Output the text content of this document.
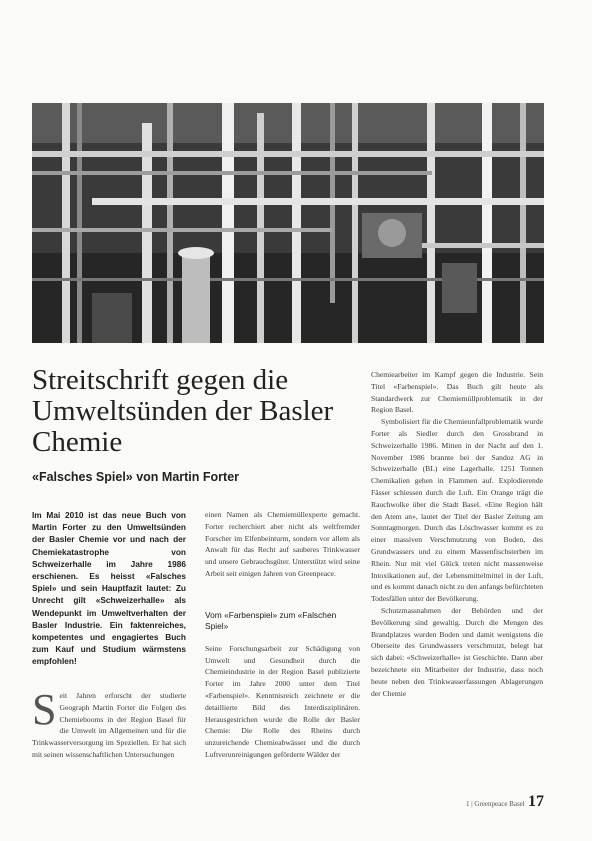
Streitschrift gegen die Umweltsünden der Basler Chemie
«Falsches Spiel» von Martin Forter

Im Mai 2010 ist das neue Buch von Martin Forter zu den Umweltsünden der Basler Chemie vor und nach der Chemiekatastrophe von Schweizerhalle im Jahre 1986 erschienen. Es heisst «Falsches Spiel» und sein Hauptfazit lautet: Zu Unrecht gilt «Schweizerhalle» als Wendepunkt im Umweltverhalten der Basler Industrie. Ein faktenreiches, kompetentes und engagiertes Buch zum Kauf und Studium wärmstens empfohlen!

S eit Jahren erforscht der studierte Geograph Martin Forter die Folgen des Chemiebooms in der Region Basel für die Umwelt im Allgemeinen und für die Trinkwasserversorgung im Speziellen. Er hat sich mit seinen wissenschaftlichen Untersuchungen

einen Namen als Chemiemüllexperte gemacht. Forter recherchiert aber nicht als weltfremder Forscher im Elfenbeinturm, sondern vor allem als Anwalt für das Recht auf sauberes Trinkwasser und unsere Gebrauchsgüter. Unterstützt wird seine Arbeit seit einigen Jahren von Greenpeace.

Vom «Farbenspiel» zum «Falschen Spiel»

Seine Forschungsarbeit zur Schädigung von Umwelt und Gesundheit durch die Chemieindustrie in der Region Basel publizierte Forter im Jahre 2000 unter dem Titel «Farbenspiel». Kenntnisreich zeichnete er die detaillierte Bild des Interdisziplinären. Herausgestrichen wurde die Rolle der Basler Chemie: Die Rolle des Rheins durch unzureichende Chemieabwässer und die durch Luftverunreinigungen geförderte Wälder der

Chemiearbeiter im Kampf gegen die Industrie. Sein Titel «Farbenspiel». Das Buch gilt heute als Standardwerk zur Chemiemüllproblematik in der Region Basel.

Symbolisiert für die Chemieunfallproblematik wurde Forter als Siedler durch den Grossbrand in Schweizerhalle 1986. Mitten in der Nacht auf den 1. November 1986 brannte bei der Sandoz AG in Schweizerhalle (BL) eine Lagerhalle. 1251 Tonnen Chemikalien gehen in Flammen auf. Explodierende Fässer schiessen durch die Luft. Ein Orange trägt die Rauchwolke über die Stadt Basel. «Eine Region hält den Atem an», lautet der Titel der Basler Zeitung am Sonntagmorgen. Durch das Löschwasser kommt es zu einer massiven Verschmutzung von Boden, des Grundwassers und zu einem Massenfischsterben im Rhein. Nur mit viel Glück treten nicht massenweise Intoxikationen auf, der Lebensmittelmittel in der Luft, und es kommt danach nicht zu den anfangs befürchteten Todesfällen unter der Bevölkerung.

Schutzmassnahmen der Behörden und der Bevölkerung sind gewaltig. Durch die Mengen des Brandplatzes wurden Boden und damit wenigstens die Oberseite des Grundwassers verschmutzt, belegt hat sich dabei: «Schweizerhalle» ist Geschichte. Dann aber bezeichnete ein Mitarbeiter der Industrie, dass noch heute neben den Trinkwasserfassungen Ablagerungen der Chemie

1 | Greenpeace Basel 17
